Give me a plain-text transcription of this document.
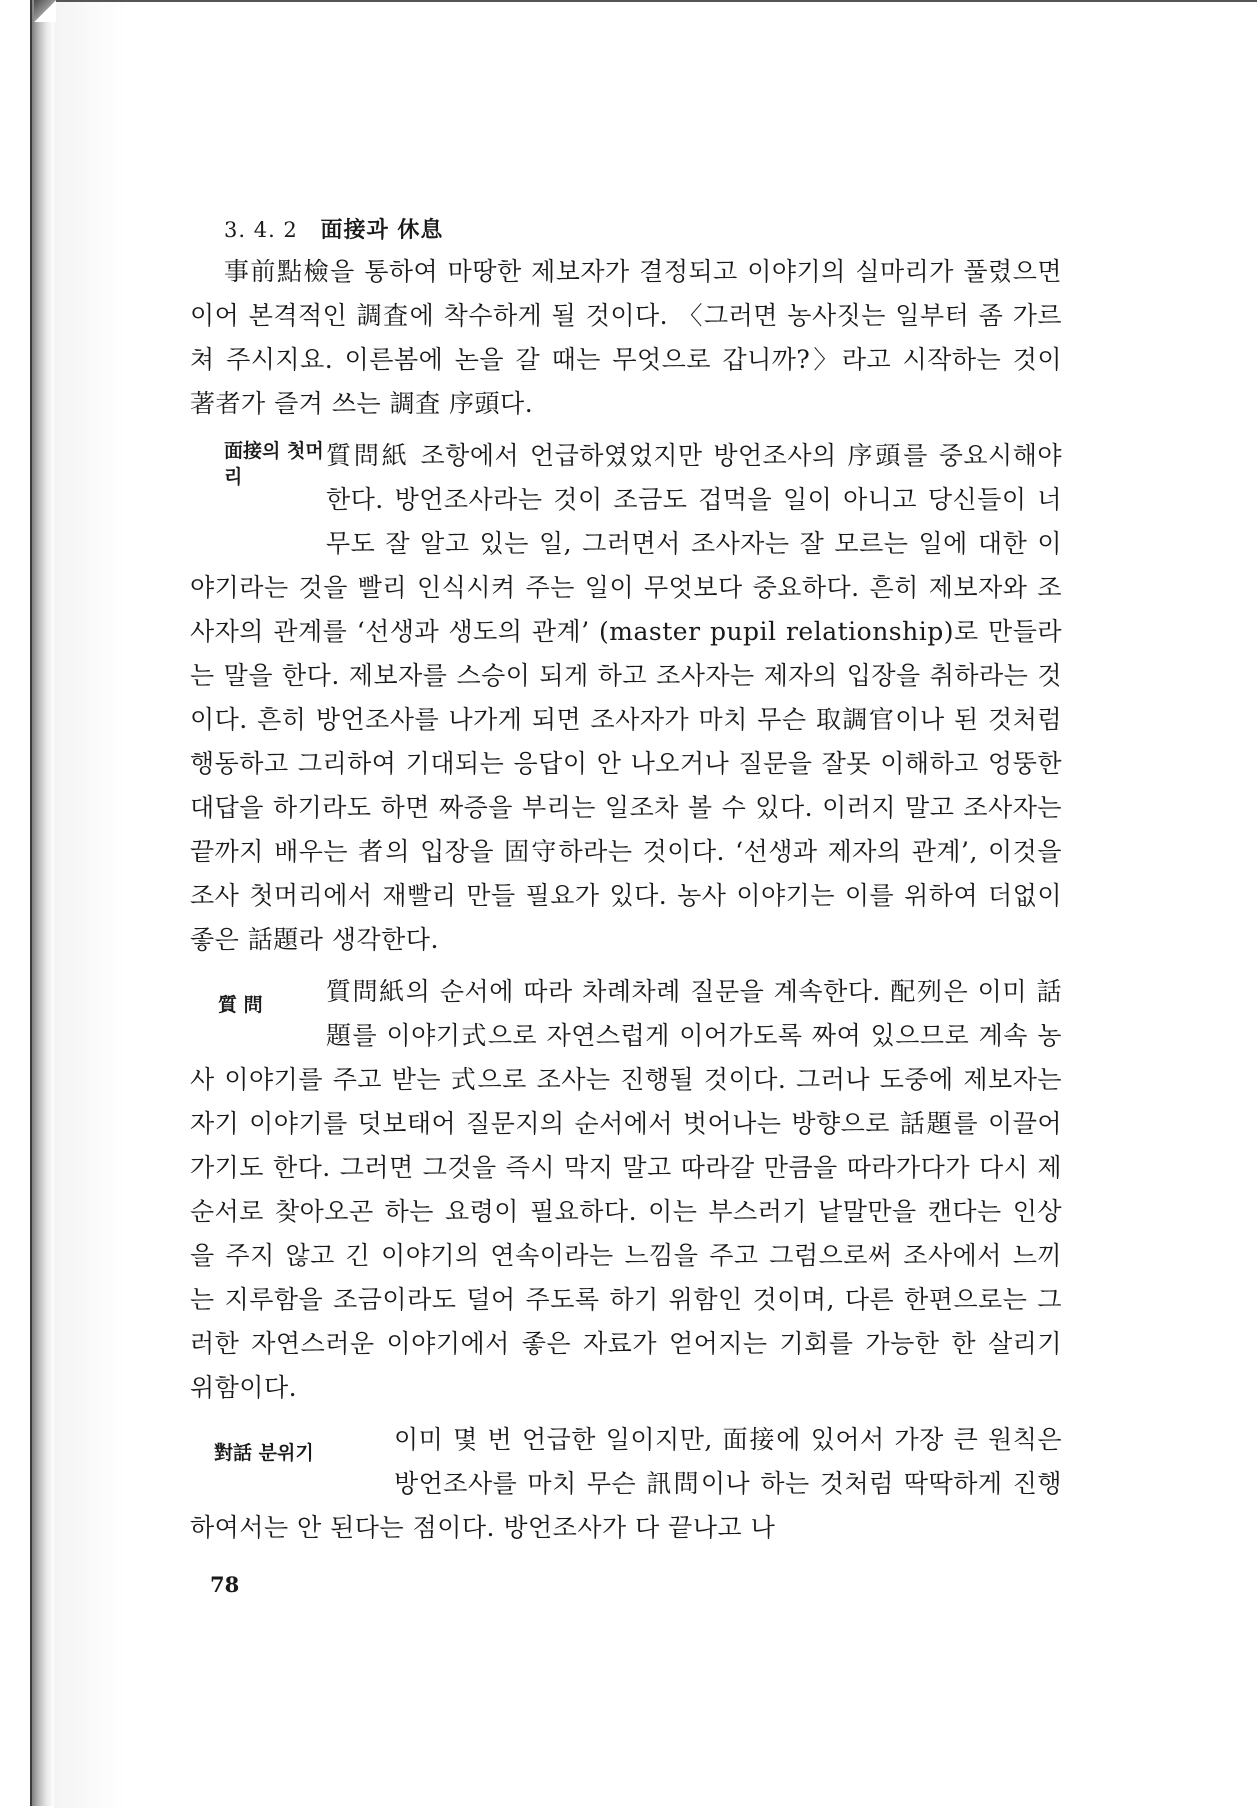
3. 4. 2 面接과 休息

事前點檢을 통하여 마땅한 제보자가 결정되고 이야기의 실마리가 풀렸으면 이어 본격적인 調査에 착수하게 될 것이다. 〈그러면 농사짓는 일부터 좀 가르쳐 주시지요. 이른봄에 논을 갈 때는 무엇으로 갑니까?〉라고 시작하는 것이 著者가 즐겨 쓰는 調査 序頭다.

面接의 첫머리

質問紙 조항에서 언급하였었지만 방언조사의 序頭를 중요시해야 한다. 방언조사라는 것이 조금도 겁먹을 일이 아니고 당신들이 너무도 잘 알고 있는 일, 그러면서 조사자는 잘 모르는 일에 대한 이야기라는 것을 빨리 인식시켜 주는 일이 무엇보다 중요하다. 흔히 제보자와 조사자의 관계를 ‘선생과 생도의 관계’ (master pupil relationship)로 만들라는 말을 한다. 제보자를 스승이 되게 하고 조사자는 제자의 입장을 취하라는 것이다. 흔히 방언조사를 나가게 되면 조사자가 마치 무슨 取調官이나 된 것처럼 행동하고 그리하여 기대되는 응답이 안 나오거나 질문을 잘못 이해하고 엉뚱한 대답을 하기라도 하면 짜증을 부리는 일조차 볼 수 있다. 이러지 말고 조사자는 끝까지 배우는 者의 입장을 固守하라는 것이다. ‘선생과 제자의 관계’, 이것을 조사 첫머리에서 재빨리 만들 필요가 있다. 농사 이야기는 이를 위하여 더없이 좋은 話題라 생각한다.

質 問	質問紙의 순서에 따라 차례차례 질문을 계속한다. 配列은 이미 話題를 이야기式으로 자연스럽게 이어가도록 짜여 있으므로 계속 농사 이야기를 주고 받는 式으로 조사는 진행될 것이다. 그러나 도중에 제보자는 자기 이야기를 덧보태어 질문지의 순서에서 벗어나는 방향으로 話題를 이끌어가기도 한다. 그러면 그것을 즉시 막지 말고 따라갈 만큼을 따라가다가 다시 제 순서로 찾아오곤 하는 요령이 필요하다. 이는 부스러기 낱말만을 캔다는 인상을 주지 않고 긴 이야기의 연속이라는 느낌을 주고 그럼으로써 조사에서 느끼는 지루함을 조금이라도 덜어 주도록 하기 위함인 것이며, 다른 한편으로는 그러한 자연스러운 이야기에서 좋은 자료가 얻어지는 기회를 가능한 한 살리기 위함이다.

對話 분위기	이미 몇 번 언급한 일이지만, 面接에 있어서 가장 큰 원칙은 방언조사를 마치 무슨 訊問이나 하는 것처럼 딱딱하게 진행하여서는 안 된다는 점이다. 방언조사가 다 끝나고 나

78
